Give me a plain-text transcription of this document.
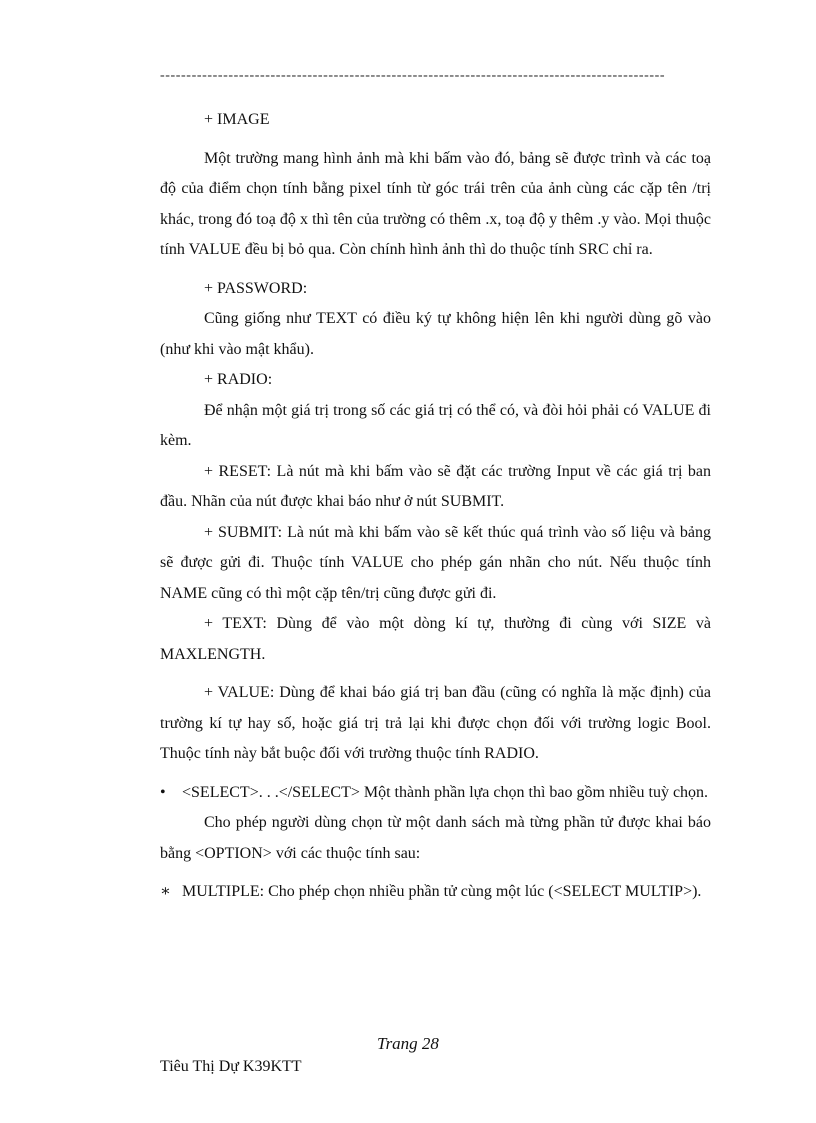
------------------------------------------------------------------------------------------------

+ IMAGE

Một trường mang hình ảnh mà khi bấm vào đó, bảng sẽ được trình và các toạ độ của điểm chọn tính bằng pixel tính từ góc trái trên của ảnh cùng các cặp tên /trị khác, trong đó toạ độ x thì tên của trường có thêm .x, toạ độ y thêm .y vào. Mọi thuộc tính VALUE đều bị bỏ qua. Còn chính hình ảnh thì do thuộc tính SRC chỉ ra.

+ PASSWORD:

Cũng giống như TEXT có điều ký tự không hiện lên khi người dùng gõ vào (như khi vào mật khẩu).

+ RADIO:

Để nhận một giá trị trong số các giá trị có thể có, và đòi hỏi phải có VALUE đi kèm.

+ RESET: Là nút mà khi bấm vào sẽ đặt các trường Input về các giá trị ban đầu. Nhãn của nút được khai báo như ở nút SUBMIT.

+ SUBMIT: Là nút mà khi bấm vào sẽ kết thúc quá trình vào số liệu và bảng sẽ được gửi đi. Thuộc tính VALUE cho phép gán nhãn cho nút. Nếu thuộc tính NAME cũng có thì một cặp tên/trị cũng được gửi đi.

+ TEXT: Dùng để vào một dòng kí tự, thường đi cùng với SIZE và MAXLENGTH.

+ VALUE: Dùng để khai báo giá trị ban đầu (cũng có nghĩa là mặc định) của trường kí tự hay số, hoặc giá trị trả lại khi được chọn đối với trường logic Bool. Thuộc tính này bắt buộc đối với trường thuộc tính RADIO.

•	<SELECT>. . .</SELECT> Một thành phần lựa chọn thì bao gồm nhiều tuỳ chọn.

Cho phép người dùng chọn từ một danh sách mà từng phần tử được khai báo bằng <OPTION> với các thuộc tính sau:

∗ MULTIPLE: Cho phép chọn nhiều phần tử cùng một lúc (<SELECT MULTIP>).

Trang 28
Tiêu Thị Dự K39KTT
